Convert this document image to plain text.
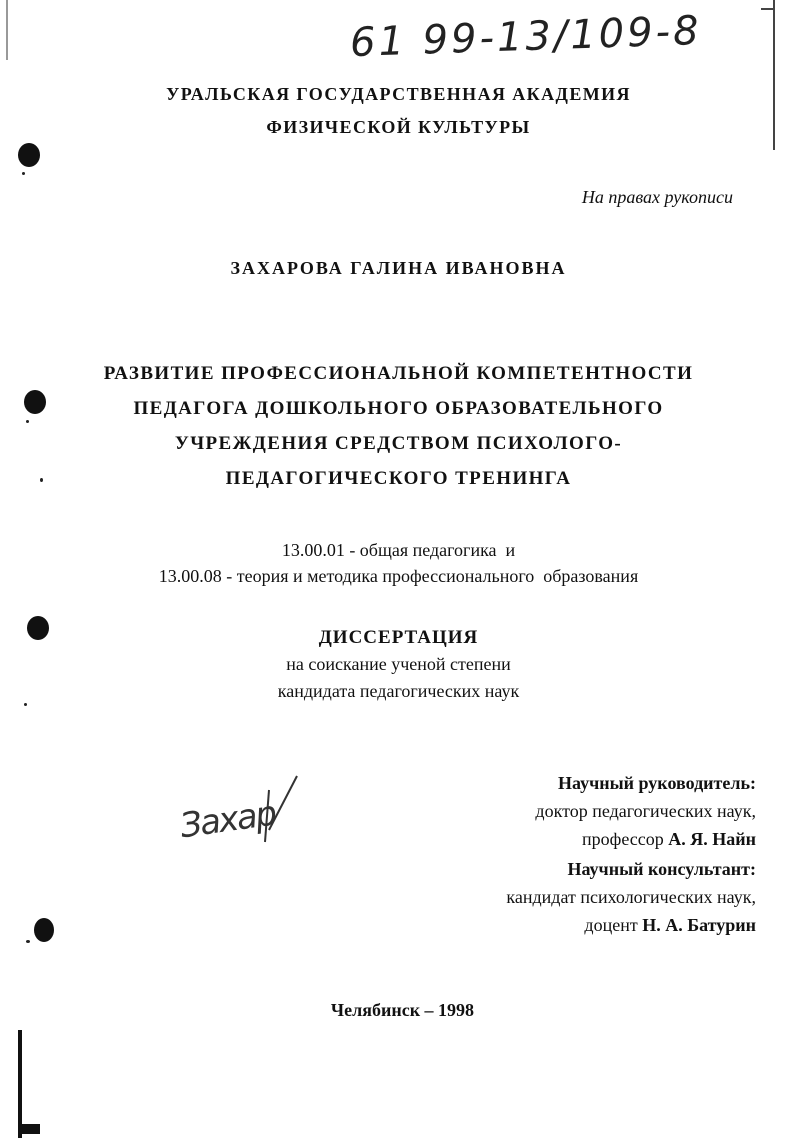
61 99-13/109-8
УРАЛЬСКАЯ ГОСУДАРСТВЕННАЯ АКАДЕМИЯ
ФИЗИЧЕСКОЙ КУЛЬТУРЫ
На правах рукописи
ЗАХАРОВА ГАЛИНА ИВАНОВНА
РАЗВИТИЕ ПРОФЕССИОНАЛЬНОЙ КОМПЕТЕНТНОСТИ
ПЕДАГОГА ДОШКОЛЬНОГО ОБРАЗОВАТЕЛЬНОГО
УЧРЕЖДЕНИЯ СРЕДСТВОМ ПСИХОЛОГО-
ПЕДАГОГИЧЕСКОГО ТРЕНИНГА
13.00.01 - общая педагогика  и
13.00.08 - теория и методика профессионального  образования
ДИССЕРТАЦИЯ
на соискание ученой степени
кандидата педагогических наук
Научный руководитель:
доктор педагогических наук,
профессор А. Я. Найн
Научный консультант:
кандидат психологических наук,
доцент Н. А. Батурин
Захар
Челябинск – 1998
